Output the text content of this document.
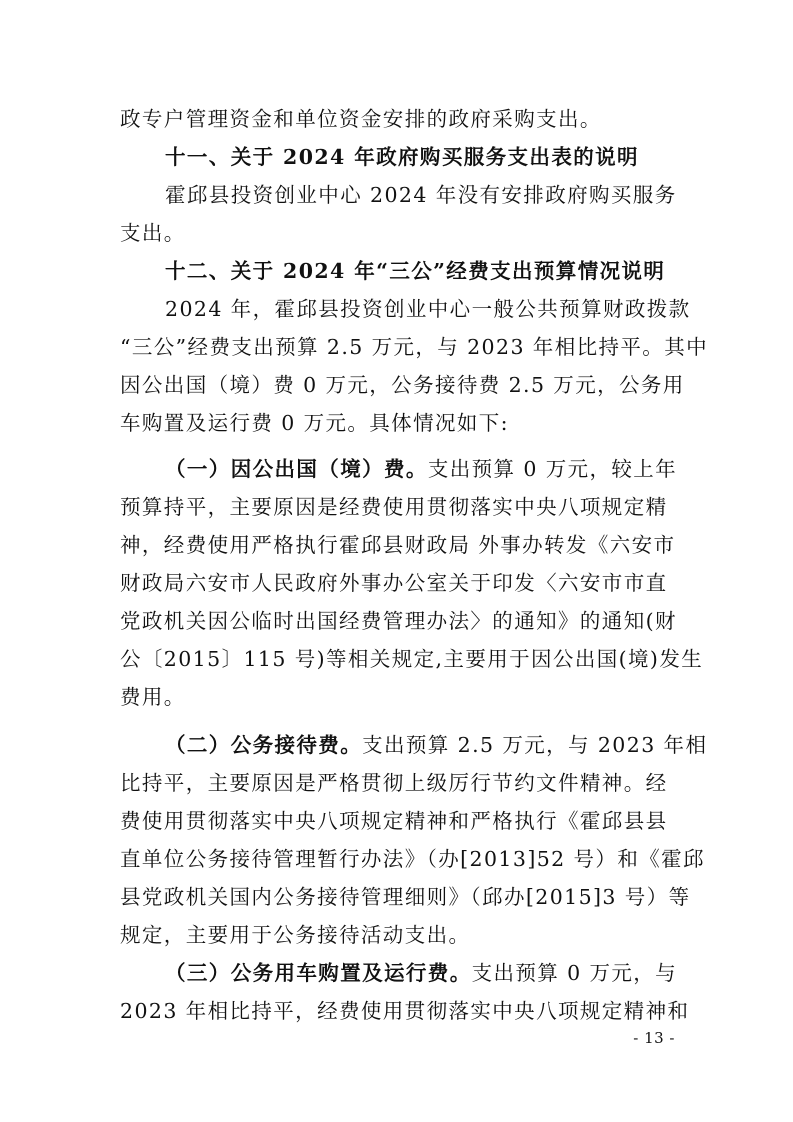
政专户管理资金和单位资金安排的政府采购支出。
十一、关于 2024 年政府购买服务支出表的说明
霍邱县投资创业中心 2024 年没有安排政府购买服务
支出。
十二、关于 2024 年“三公”经费支出预算情况说明
2024 年，霍邱县投资创业中心一般公共预算财政拨款
“三公”经费支出预算 2.5 万元，与 2023 年相比持平。其中
因公出国（境）费 0 万元，公务接待费 2.5 万元，公务用
车购置及运行费 0 万元。具体情况如下:
（一）因公出国（境）费。支出预算 0 万元，较上年
预算持平，主要原因是经费使用贯彻落实中央八项规定精
神，经费使用严格执行霍邱县财政局 外事办转发《六安市
财政局六安市人民政府外事办公室关于印发〈六安市市直
党政机关因公临时出国经费管理办法〉的通知》的通知(财
公〔2015〕115 号)等相关规定,主要用于因公出国(境)发生
费用。
（二）公务接待费。支出预算 2.5 万元，与 2023 年相
比持平，主要原因是严格贯彻上级厉行节约文件精神。经
费使用贯彻落实中央八项规定精神和严格执行《霍邱县县
直单位公务接待管理暂行办法》（办[2013]52 号）和《霍邱
县党政机关国内公务接待管理细则》（邱办[2015]3 号）等
规定，主要用于公务接待活动支出。
（三）公务用车购置及运行费。支出预算 0 万元，与
2023 年相比持平，经费使用贯彻落实中央八项规定精神和
- 13 -
